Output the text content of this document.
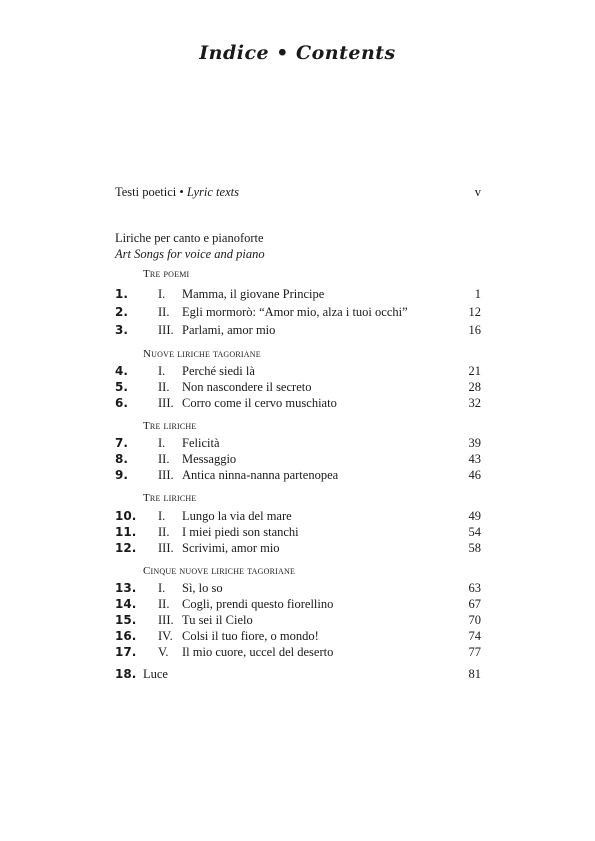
Indice • Contents
Testi poetici • Lyric texts	v
Liriche per canto e pianoforte
Art Songs for voice and piano
Tre poemi
1. I. Mamma, il giovane Principe	1
2. II. Egli mormorò: “Amor mio, alza i tuoi occhi”	12
3. III. Parlami, amor mio	16
Nuove liriche tagoriane
4. I. Perché siedi là	21
5. II. Non nascondere il secreto	28
6. III. Corro come il cervo muschiato	32
Tre liriche
7. I. Felicità	39
8. II. Messaggio	43
9. III. Antica ninna-nanna partenopea	46
Tre liriche
10. I. Lungo la via del mare	49
11. II. I miei piedi son stanchi	54
12. III. Scrivimi, amor mio	58
Cinque nuove liriche tagoriane
13. I. Sì, lo so	63
14. II. Cogli, prendi questo fiorellino	67
15. III. Tu sei il Cielo	70
16. IV. Colsi il tuo fiore, o mondo!	74
17. V. Il mio cuore, uccel del deserto	77
18. Luce	81
